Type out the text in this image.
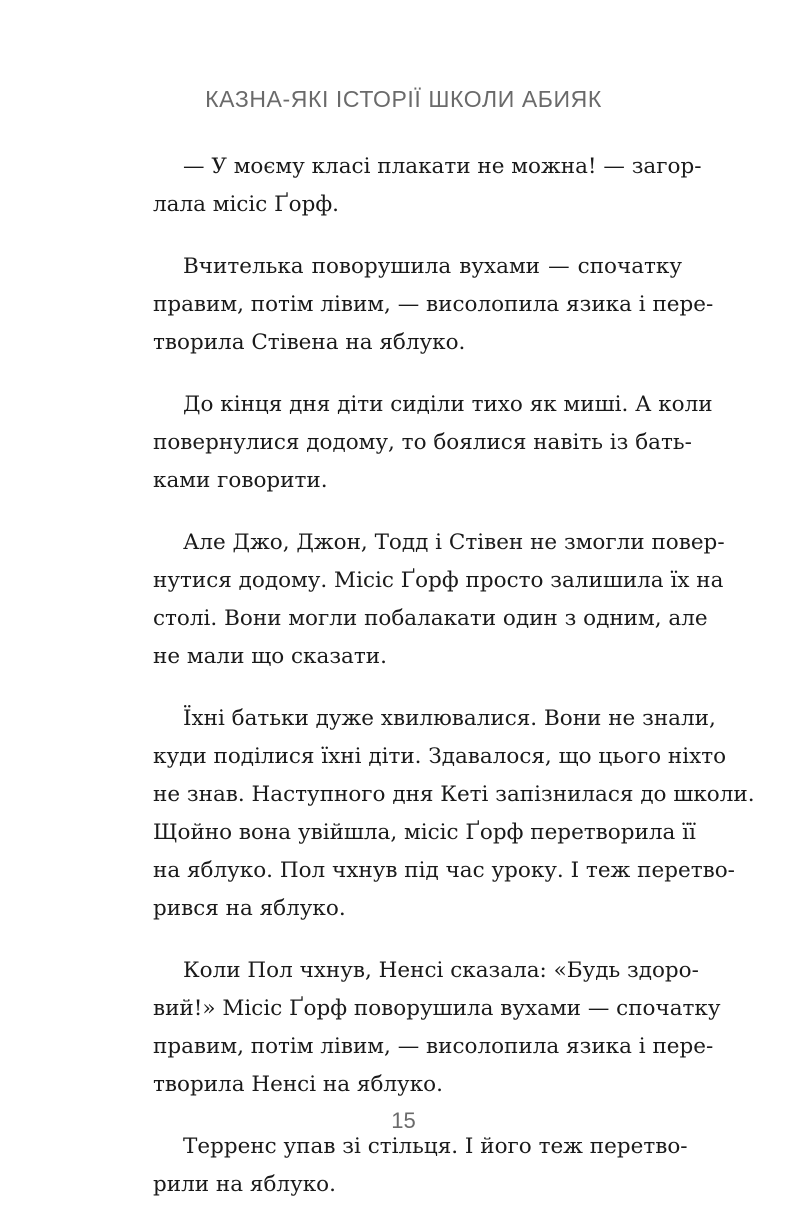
КАЗНА-ЯКІ ІСТОРІЇ ШКОЛИ АБИЯК
— У моєму класі плакати не можна! — загор-
лала місіс Ґорф.
Вчителька поворушила вухами — спочатку
правим, потім лівим, — висолопила язика і пере-
творила Стівена на яблуко.
До кінця дня діти сиділи тихо як миші. А коли
повернулися додому, то боялися навіть із бать-
ками говорити.
Але Джо, Джон, Тодд і Стівен не змогли повер-
нутися додому. Місіс Ґорф просто залишила їх на
столі. Вони могли побалакати один з одним, але
не мали що сказати.
Їхні батьки дуже хвилювалися. Вони не знали,
куди поділися їхні діти. Здавалося, що цього ніхто
не знав. Наступного дня Кеті запізнилася до школи.
Щойно вона увійшла, місіс Ґорф перетворила її
на яблуко. Пол чхнув під час уроку. І теж перетво-
рився на яблуко.
Коли Пол чхнув, Ненсі сказала: «Будь здоро-
вий!» Місіс Ґорф поворушила вухами — спочатку
правим, потім лівим, — висолопила язика і пере-
творила Ненсі на яблуко.
Терренс упав зі стільця. І його теж перетво-
рили на яблуко.
15
